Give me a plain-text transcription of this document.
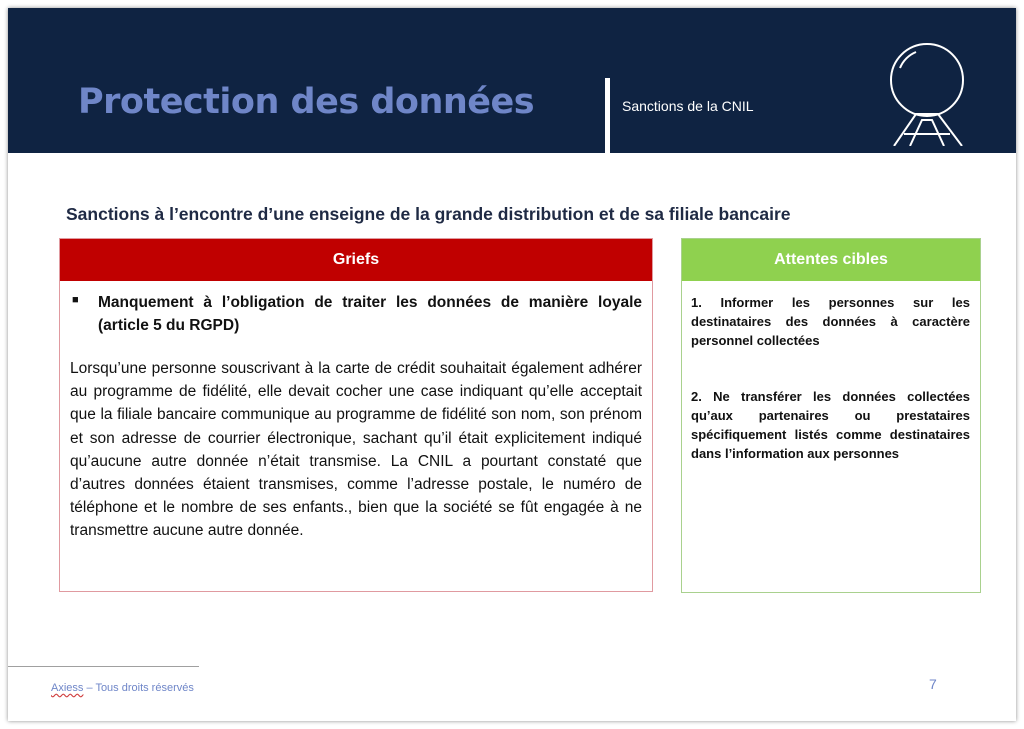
Protection des données	Sanctions de la CNIL
Sanctions à l’encontre d’une enseigne de la grande distribution et de sa filiale bancaire
Griefs
■	Manquement à l’obligation de traiter les données de manière loyale (article 5 du RGPD)
Lorsqu’une personne souscrivant à la carte de crédit souhaitait également adhérer au programme de fidélité, elle devait cocher une case indiquant qu’elle acceptait que la filiale bancaire communique au programme de fidélité son nom, son prénom et son adresse de courrier électronique, sachant qu’il était explicitement indiqué qu’aucune autre donnée n’était transmise. La CNIL a pourtant constaté que d’autres données étaient transmises, comme l’adresse postale, le numéro de téléphone et le nombre de ses enfants., bien que la société se fût engagée à ne transmettre aucune autre donnée.
Attentes cibles
1. Informer les personnes sur les destinataires des données à caractère personnel collectées
2. Ne transférer les données collectées qu’aux partenaires ou prestataires spécifiquement listés comme destinataires dans l’information aux personnes
Axiess – Tous droits réservés	7
